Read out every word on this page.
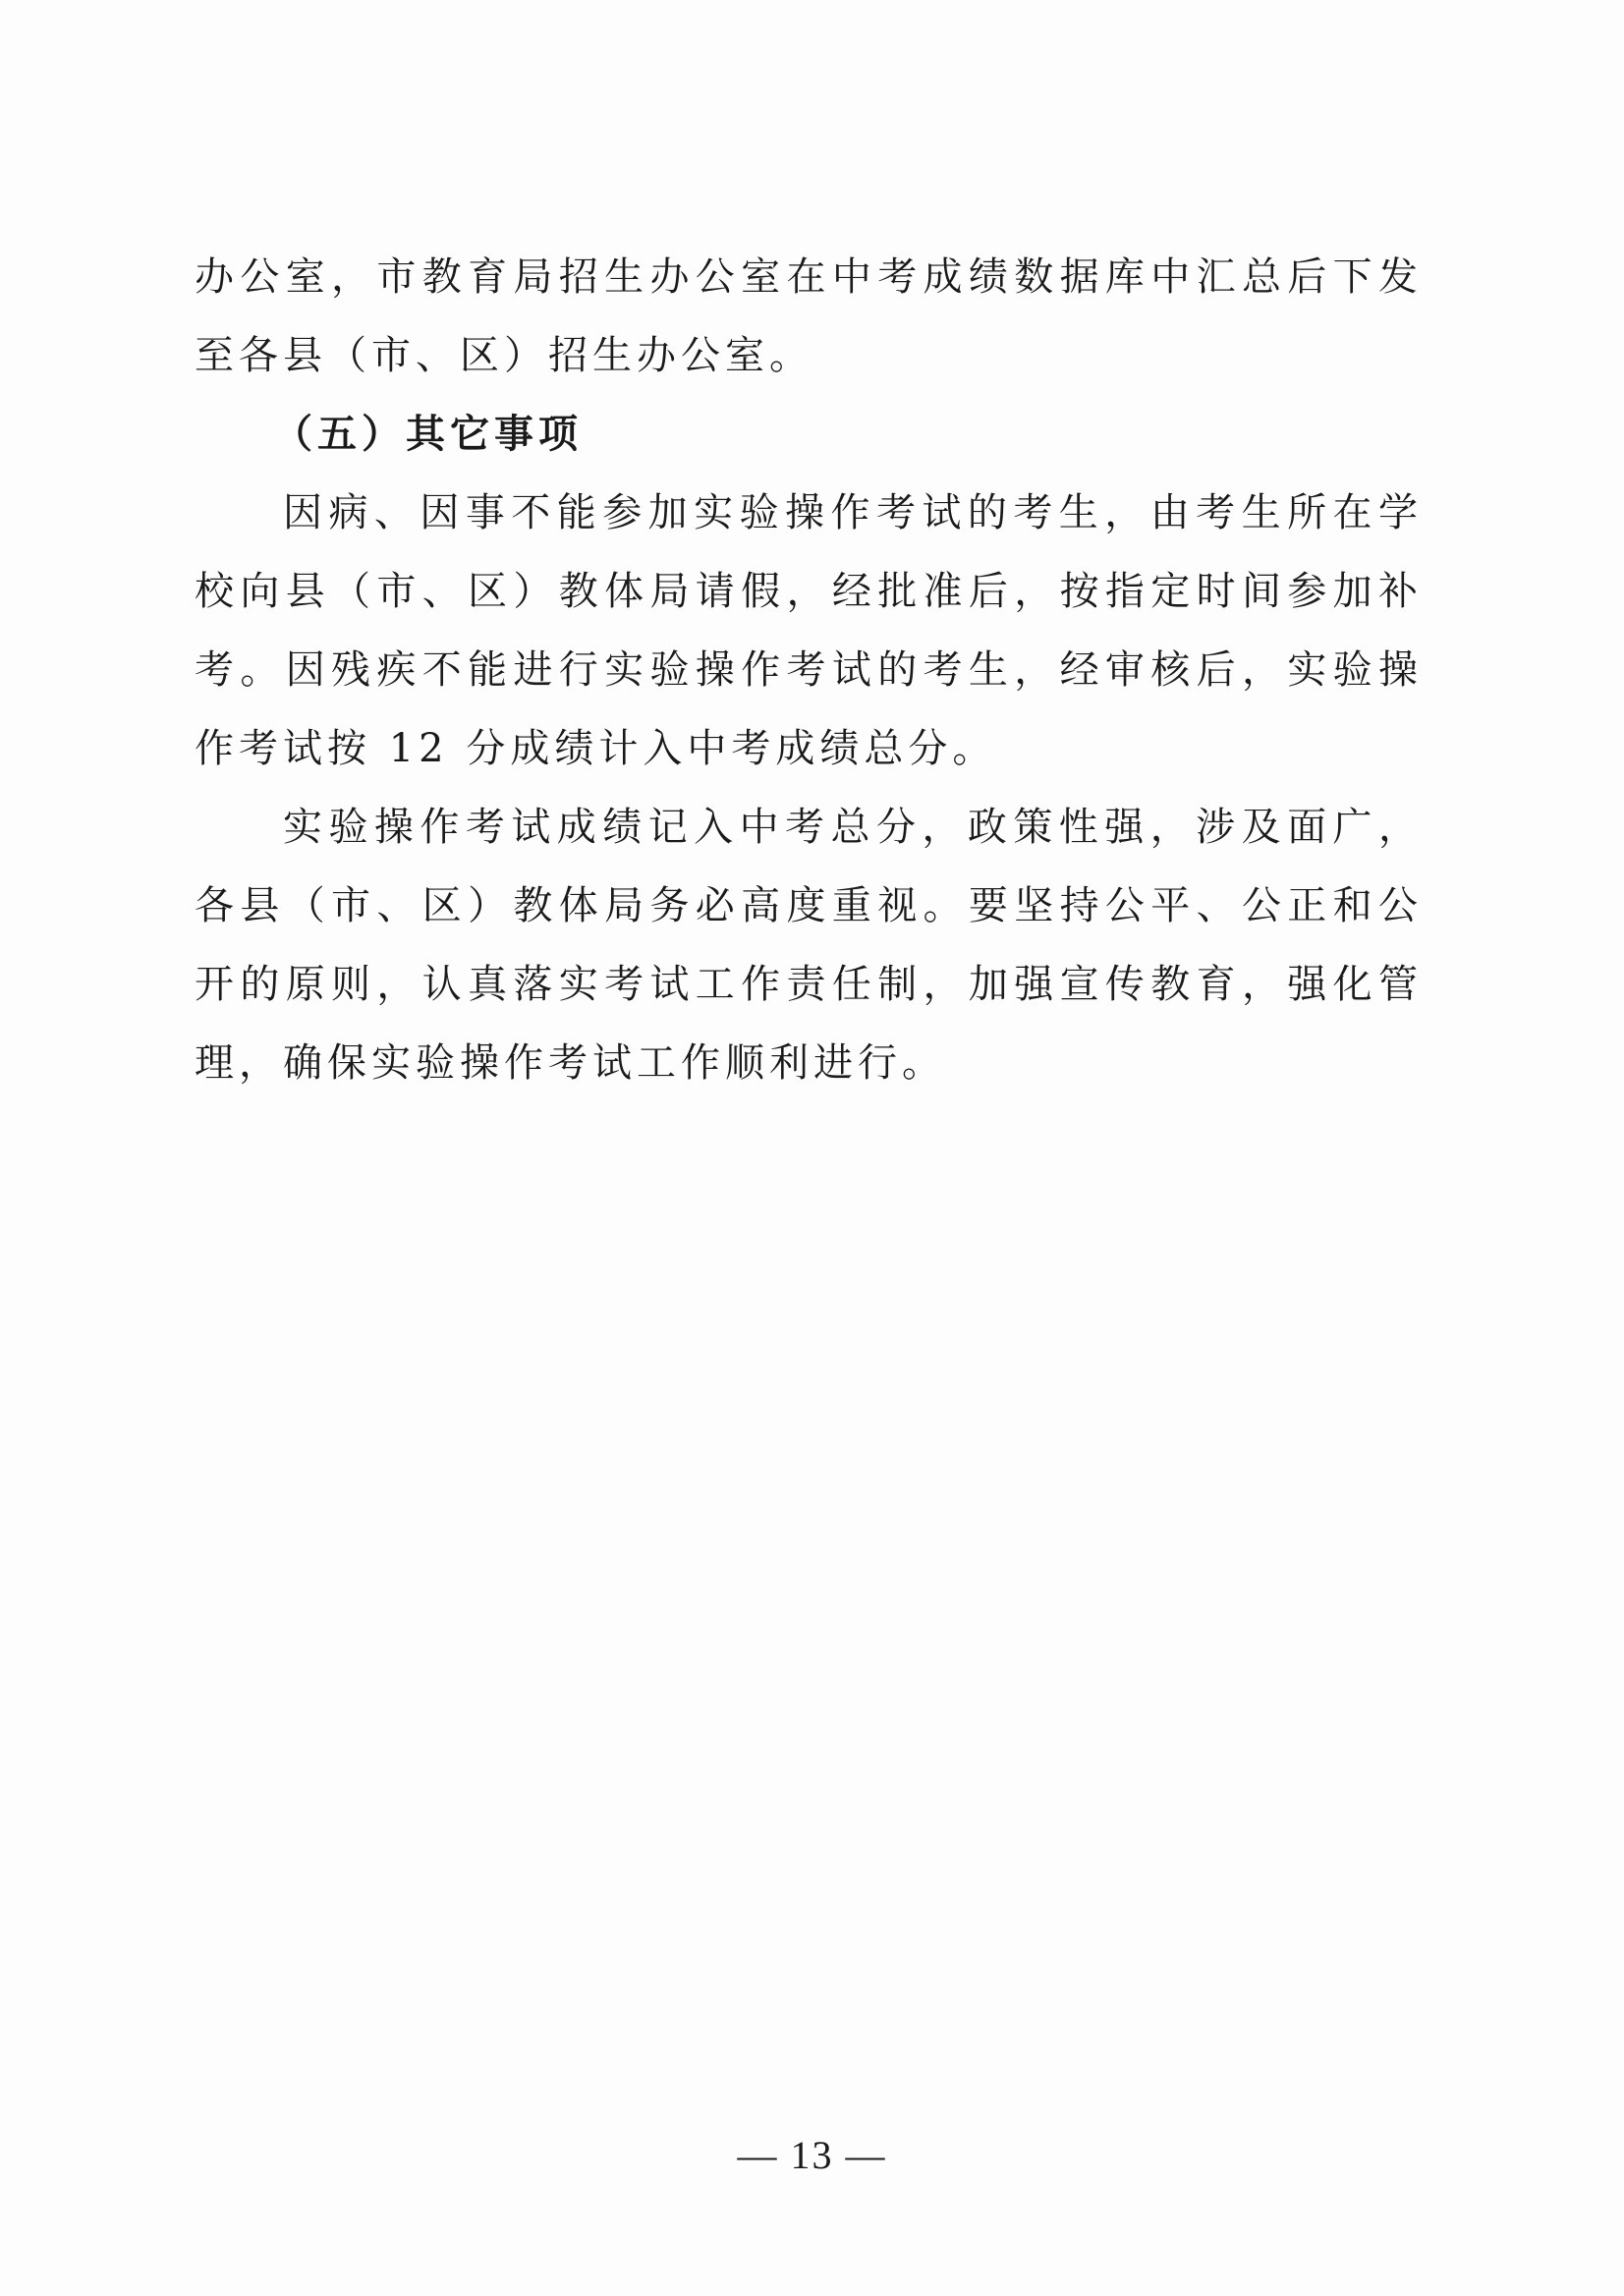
办公室，市教育局招生办公室在中考成绩数据库中汇总后下发至各县（市、区）招生办公室。

（五）其它事项

因病、因事不能参加实验操作考试的考生，由考生所在学校向县（市、区）教体局请假，经批准后，按指定时间参加补考。因残疾不能进行实验操作考试的考生，经审核后，实验操作考试按 12 分成绩计入中考成绩总分。

实验操作考试成绩记入中考总分，政策性强，涉及面广，各县（市、区）教体局务必高度重视。要坚持公平、公正和公开的原则，认真落实考试工作责任制，加强宣传教育，强化管理，确保实验操作考试工作顺利进行。

— 13 —
